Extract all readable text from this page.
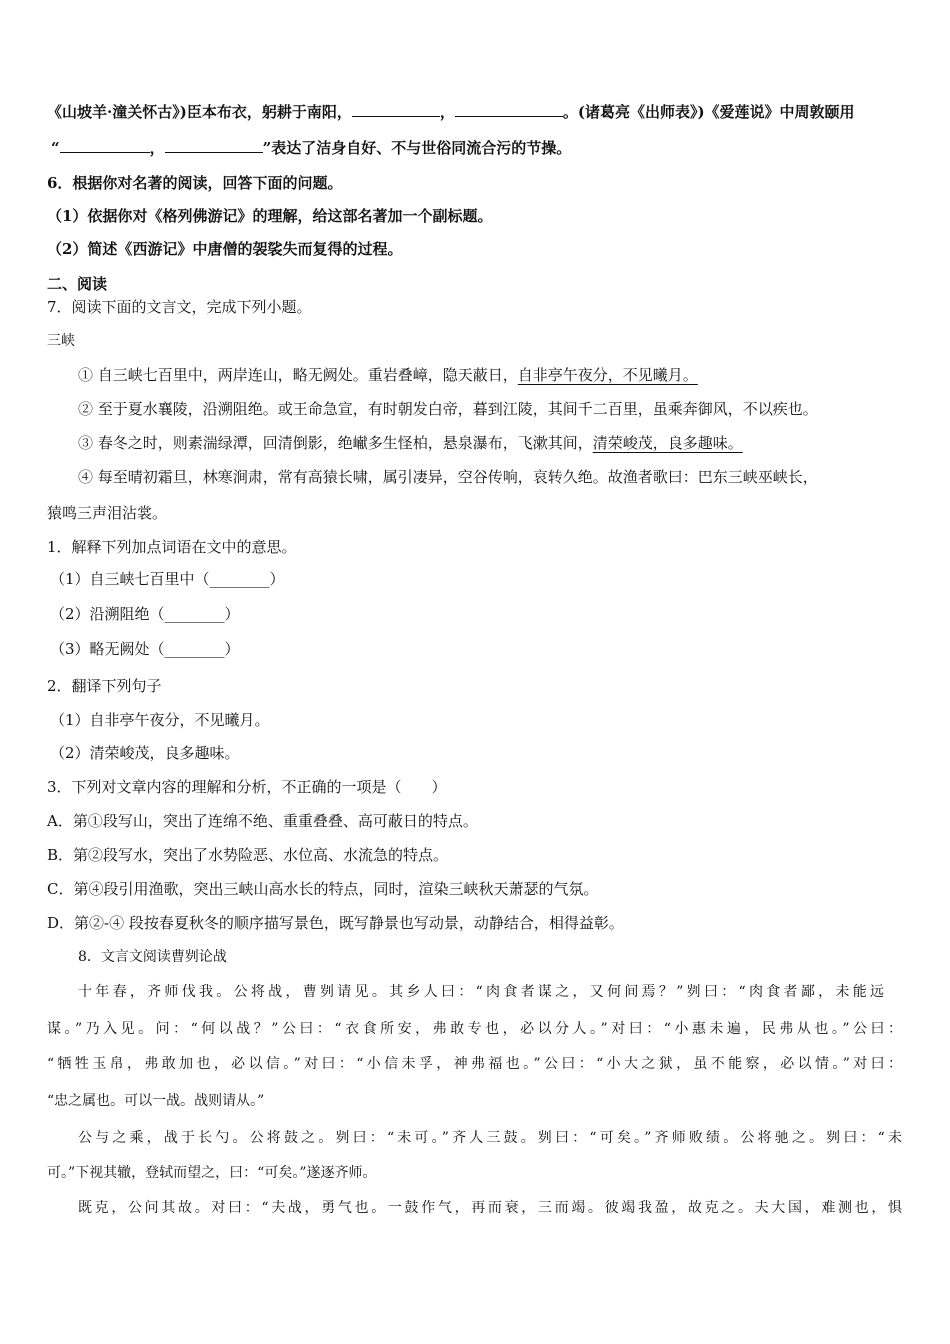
《山坡羊·潼关怀古》)臣本布衣，躬耕于南阳，	，	。(诸葛亮《出师表》)《爱莲说》中周敦颐用
“	，	”表达了洁身自好、不与世俗同流合污的节操。
6．根据你对名著的阅读，回答下面的问题。
（1）依据你对《格列佛游记》的理解，给这部名著加一个副标题。
（2）简述《西游记》中唐僧的袈裟失而复得的过程。
二、阅读
7．阅读下面的文言文，完成下列小题。
三峡
① 自三峡七百里中，两岸连山，略无阙处。重岩叠嶂，隐天蔽日，自非亭午夜分，不见曦月。
② 至于夏水襄陵，沿溯阻绝。或王命急宣，有时朝发白帝，暮到江陵，其间千二百里，虽乘奔御风，不以疾也。
③ 春冬之时，则素湍绿潭，回清倒影，绝𪩘多生怪柏，悬泉瀑布，飞漱其间，清荣峻茂，良多趣味。
④ 每至晴初霜旦，林寒涧肃，常有高猿长啸，属引凄异，空谷传响，哀转久绝。故渔者歌曰：巴东三峡巫峡长，
猿鸣三声泪沾裳。
1．解释下列加点词语在文中的意思。
（1）自三峡七百里中（________）
（2）沿溯阻绝（________）
（3）略无阙处（________）
2．翻译下列句子
（1）自非亭午夜分，不见曦月。
（2）清荣峻茂，良多趣味。
3．下列对文章内容的理解和分析，不正确的一项是（　　）
A．第①段写山，突出了连绵不绝、重重叠叠、高可蔽日的特点。
B．第②段写水，突出了水势险恶、水位高、水流急的特点。
C．第④段引用渔歌，突出三峡山高水长的特点，同时，渲染三峡秋天萧瑟的气氛。
D．第②-④ 段按春夏秋冬的顺序描写景色，既写静景也写动景，动静结合，相得益彰。
8．文言文阅读曹刿论战
十年春，齐师伐我。公将战，曹刿请见。其乡人曰：“肉食者谋之，又何间焉？”刿曰：“肉食者鄙，未能远
谋。”乃入见。问：“何以战？”公曰：“衣食所安，弗敢专也，必以分人。”对曰：“小惠未遍，民弗从也。”公曰：
“牺牲玉帛，弗敢加也，必以信。”对曰：“小信未孚，神弗福也。”公曰：“小大之狱，虽不能察，必以情。”对曰：
“忠之属也。可以一战。战则请从。”
公与之乘，战于长勺。公将鼓之。刿曰：“未可。”齐人三鼓。刿曰：“可矣。”齐师败绩。公将驰之。刿曰：“未
可。”下视其辙，登轼而望之，曰：“可矣。”遂逐齐师。
既克，公问其故。对曰：“夫战，勇气也。一鼓作气，再而衰，三而竭。彼竭我盈，故克之。夫大国，难测也，惧
